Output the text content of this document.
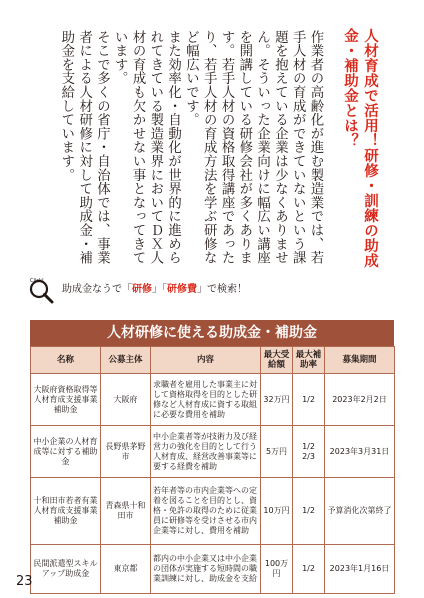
人材育成で活用！研修・訓練の助成金・補助金とは？
作業者の高齢化が進む製造業では、若手人材の育成ができていないという課題を抱えている企業は少なくありません。そういった企業向けに幅広い講座を開講している研修会社が多くあります。若手人材の資格取得講座であったり、若手人材の育成方法を学ぶ研修など幅広いです。
また効率化・自動化が世界的に進められてきている製造業界においてＤＸ人材の育成も欠かせない事となってきています。
そこで多くの省庁・自治体では、事業者による人材研修に対して助成金・補助金を支給しています。
Click!
助成金なうで「研修」「研修費」で検索！
人材研修に使える助成金・補助金
名称	公募主体	内容	最大受給額	最大補助率	募集期間
大阪府資格取得等人材育成支援事業補助金	大阪府	求職者を雇用した事業主に対して資格取得を目的とした研修など人材育成に資する取組に必要な費用を補助	32万円	1/2	2023年2月2日
中小企業の人材育成等に対する補助金	長野県茅野市	中小企業者等が技術力及び経営力の強化を目的として行う人材育成、経営改善事業等に要する経費を補助	5万円	1/2 2/3	2023年3月31日
十和田市若者有業人材育成支援事業補助金	青森県十和田市	若年者等の市内企業等への定着を図ることを目的とし、資格・免許の取得のために従業員に研修等を受けさせる市内企業等に対し、費用を補助	10万円	1/2	予算消化次第終了
民間派遣型スキルアップ助成金	東京都	都内の中小企業又は中小企業の団体が実施する短時間の職業訓練に対し、助成金を支給	100万円	1/2	2023年1月16日
23
